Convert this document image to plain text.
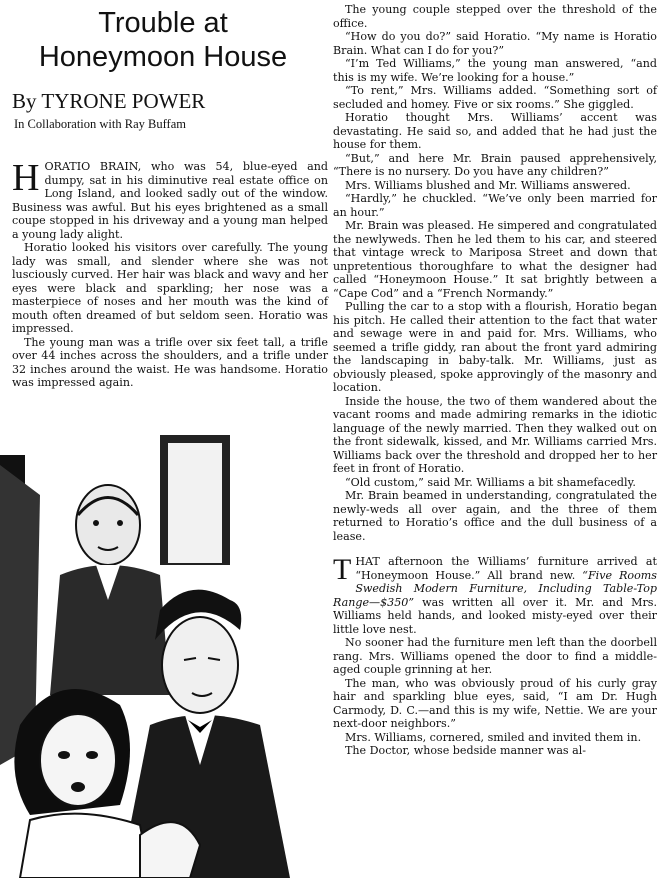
Trouble at
Honeymoon House
By TYRONE POWER
In Collaboration with Ray Buffam

HORATIO BRAIN, who was 54, blue-eyed and dumpy, sat in his diminutive real estate office on Long Island, and looked sadly out of the window. Business was awful. But his eyes brightened as a small coupe stopped in his driveway and a young man helped a young lady alight.

Horatio looked his visitors over carefully. The young lady was small, and slender where she was not lusciously curved. Her hair was black and wavy and her eyes were black and sparkling; her nose was a masterpiece of noses and her mouth was the kind of mouth often dreamed of but seldom seen. Horatio was impressed.

The young man was a trifle over six feet tall, a trifle over 44 inches across the shoulders, and a trifle under 32 inches around the waist. He was handsome. Horatio was impressed again.

The young couple stepped over the threshold of the office.

“How do you do?” said Horatio. “My name is Horatio Brain. What can I do for you?”

“I’m Ted Williams,” the young man answered, “and this is my wife. We’re looking for a house.”

“To rent,” Mrs. Williams added. “Something sort of secluded and homey. Five or six rooms.” She giggled.

Horatio thought Mrs. Williams’ accent was devastating. He said so, and added that he had just the house for them.

“But,” and here Mr. Brain paused apprehensively, “There is no nursery. Do you have any children?”

Mrs. Williams blushed and Mr. Williams answered.

“Hardly,” he chuckled. “We’ve only been married for an hour.”

Mr. Brain was pleased. He simpered and congratulated the newlyweds. Then he led them to his car, and steered that vintage wreck to Mariposa Street and down that unpretentious thoroughfare to what the designer had called “Honeymoon House.” It sat brightly between a “Cape Cod” and a “French Normandy.”

Pulling the car to a stop with a flourish, Horatio began his pitch. He called their attention to the fact that water and sewage were in and paid for. Mrs. Williams, who seemed a trifle giddy, ran about the front yard admiring the landscaping in baby-talk. Mr. Williams, just as obviously pleased, spoke approvingly of the masonry and location.

Inside the house, the two of them wandered about the vacant rooms and made admiring remarks in the idiotic language of the newly married. Then they walked out on the front sidewalk, kissed, and Mr. Williams carried Mrs. Williams back over the threshold and dropped her to her feet in front of Horatio.

“Old custom,” said Mr. Williams a bit shamefacedly.

Mr. Brain beamed in understanding, congratulated the newly-weds all over again, and the three of them returned to Horatio’s office and the dull business of a lease.

THAT afternoon the Williams’ furniture arrived at “Honeymoon House.” All brand new. “Five Rooms Swedish Modern Furniture, Including Table-Top Range—$350” was written all over it. Mr. and Mrs. Williams held hands, and looked misty-eyed over their little love nest.

No sooner had the furniture men left than the doorbell rang. Mrs. Williams opened the door to find a middle-aged couple grinning at her.

The man, who was obviously proud of his curly gray hair and sparkling blue eyes, said, “I am Dr. Hugh Carmody, D. C.—and this is my wife, Nettie. We are your next-door neighbors.”

Mrs. Williams, cornered, smiled and invited them in.

The Doctor, whose bedside manner was al-
